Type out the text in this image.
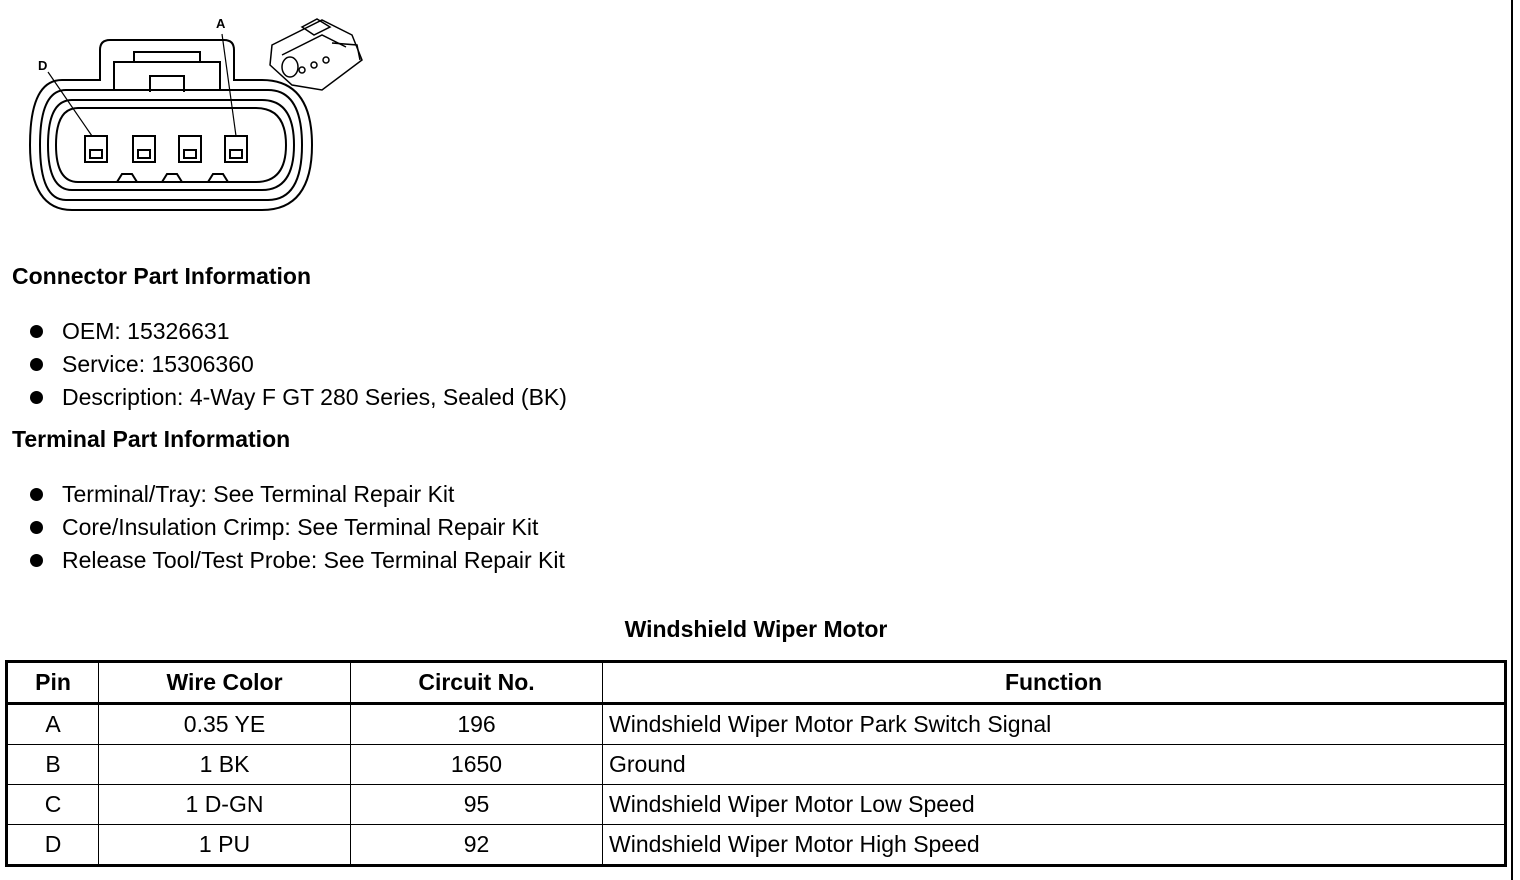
A
D
Connector Part Information
OEM: 15326631
Service: 15306360
Description: 4-Way F GT 280 Series, Sealed (BK)
Terminal Part Information
Terminal/Tray: See Terminal Repair Kit
Core/Insulation Crimp: See Terminal Repair Kit
Release Tool/Test Probe: See Terminal Repair Kit
Windshield Wiper Motor
Pin	Wire Color	Circuit No.	Function
A	0.35 YE	196	Windshield Wiper Motor Park Switch Signal
B	1 BK	1650	Ground
C	1 D-GN	95	Windshield Wiper Motor Low Speed
D	1 PU	92	Windshield Wiper Motor High Speed
